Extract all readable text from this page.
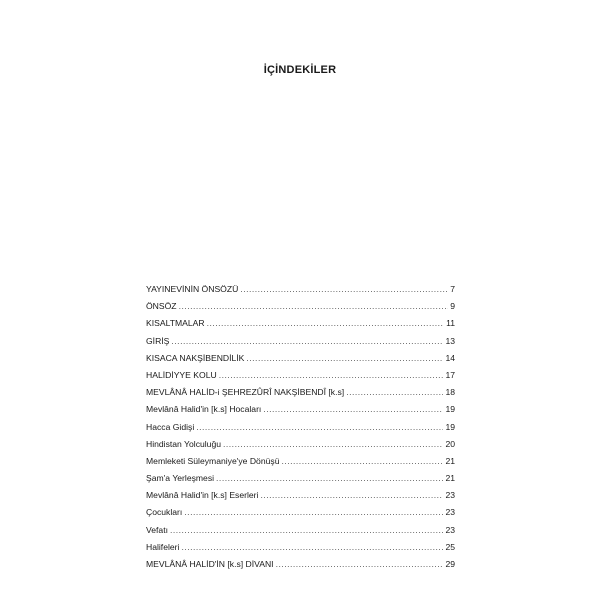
İÇİNDEKİLER
YAYINEVİNİN ÖNSÖZÜ .....	7
ÖNSÖZ .....	9
KISALTMALAR .....	11
GİRİŞ .....	13
KISACA NAKŞİBENDİLİK .....	14
HALİDİYYE KOLU .....	17
MEVLÂNÂ HALİD-i ŞEHREZÛRÎ NAKŞİBENDÎ [k.s] .....	18
Mevlânâ Halid'in [k.s] Hocaları .....	19
Hacca Gidişi .....	19
Hindistan Yolculuğu .....	20
Memleketi Süleymaniye'ye Dönüşü .....	21
Şam'a Yerleşmesi .....	21
Mevlânâ Halid'in [k.s] Eserleri .....	23
Çocukları .....	23
Vefatı .....	23
Halifeleri .....	25
MEVLÂNÂ HALİD'İN [k.s] DİVANI .....	29
